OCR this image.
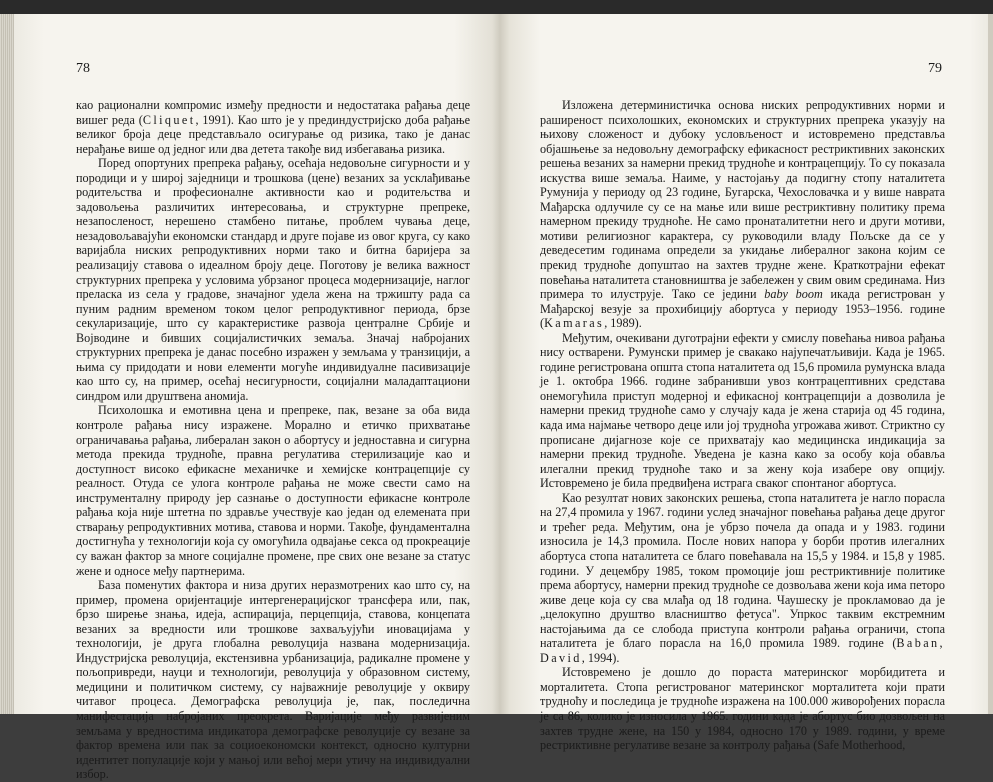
78

као рационални компромис између предности и недостатака рађања деце вишег реда (Cliquet, 1991). Као што је у прединдустријско доба рађање великог броја деце представљало осигурање од ризика, тако је данас нерађање више од једног или два детета такође вид избегавања ризика.

Поред опортуних препрека рађању, осећаја недовољне сигурности и у породици и у широј заједници и трошкова (цене) везаних за усклађивање родитељства и професионалне активности као и родитељства и задовољења различитих интересовања, и структурне препреке, незапосленост, нерешено стамбено питање, проблем чувања деце, незадовољавајући економски стандард и друге појаве из овог круга, су како варијабла ниских репродуктивних норми тако и битна баријера за реализацију ставова о идеалном броју деце. Поготову је велика важност структурних препрека у условима убрзаног процеса модернизације, наглог преласка из села у градове, значајног удела жена на тржишту рада са пуним радним временом током целог репродуктивног периода, брзе секуларизације, што су карактеристике развоја централне Србије и Војводине и бивших социјалистичких земаља. Значај набројаних структурних препрека је данас посебно изражен у земљама у транзицији, а њима су придодати и нови елементи могуће индивидуалне пасивизације као што су, на пример, осећај несигурности, социјални маладаптациони синдром или друштвена аномија.

Психолошка и емотивна цена и препреке, пак, везане за оба вида контроле рађања нису изражене. Морално и етичко прихватање ограничавања рађања, либералан закон о абортусу и једноставна и сигурна метода прекида трудноће, правна регулатива стерилизације као и доступност високо ефикасне механичке и хемијске контрацепције су реалност. Отуда се улога контроле рађања не може свести само на инструменталну природу јер сазнање о доступности ефикасне контроле рађања која није штетна по здравље учествује као један од елемената при стварању репродуктивних мотива, ставова и норми. Такође, фундаментална достигнућа у технологији која су омогућила одвајање секса од прокреације су важан фактор за многе социјалне промене, пре свих оне везане за статус жене и односе међу партнерима.

База поменутих фактора и низа других неразмотрених као што су, на пример, промена оријентације интергенерацијског трансфера или, пак, брзо ширење знања, идеја, аспирација, перцепција, ставова, концепата везаних за вредности или трошкове захваљујући иновацијама у технологији, је друга глобална револуција названа модернизација. Индустријска револуција, екстензивна урбанизација, радикалне промене у пољопривреди, науци и технологији, револуција у образовном систему, медицини и политичком систему, су најважније револуције у оквиру читавог процеса. Демографска револуција је, пак, последична манифестација набројаних преокрета. Варијације међу развијеним земљама у вредностима индикатора демографске револуције су везане за фактор времена или пак за социоекономски контекст, односно културни идентитет популације који у мањој или већој мери утичу на индивидуални избор.

79

Изложена детерминистичка основа ниских репродуктивних норми и раширеност психолошких, економских и структурних препрека указују на њихову сложеност и дубоку условљеност и истовремено представља објашњење за недовољну демографску ефикасност рестриктивних законских решења везаних за намерни прекид трудноће и контрацепцију. То су показала искуства више земаља. Наиме, у настојању да подигну стопу наталитета Румунија у периоду од 23 године, Бугарска, Чехословачка и у више наврата Мађарска одлучиле су се на мање или више рестриктивну политику према намерном прекиду трудноће. Не само пронаталитетни него и други мотиви, мотиви религиозног карактера, су руководили владу Пољске да се у деведесетим годинама определи за укидање либералног закона којим се прекид трудноће допуштао на захтев трудне жене. Краткотрајни ефекат повећања наталитета становништва је забележен у свим овим срединама. Низ примера то илуструје. Тако се једини baby boom икада регистрован у Мађарској везује за прохибицију абортуса у периоду 1953–1956. године (Kamaras, 1989).

Међутим, очекивани дуготрајни ефекти у смислу повећања нивоа рађања нису остварени. Румунски пример је свакако најупечатљивији. Када је 1965. године регистрована општа стопа наталитета од 15,6 промила румунска влада је 1. октобра 1966. године забранивши увоз контрацептивних средстава онемогућила приступ модерној и ефикасној контрацепцији а дозволила је намерни прекид трудноће само у случају када је жена старија од 45 година, када има најмање четворо деце или јој трудноћа угрожава живот. Стриктно су прописане дијагнозе које се прихватају као медицинска индикација за намерни прекид трудноће. Уведена је казна како за особу која обавља илегални прекид трудноће тако и за жену која изабере ову опцију. Истовремено је била предвиђена истрага сваког спонтаног абортуса.

Као резултат нових законских решења, стопа наталитета је нагло порасла на 27,4 промила у 1967. години услед значајног повећања рађања деце другог и трећег реда. Међутим, она је убрзо почела да опада и у 1983. години износила је 14,3 промила. После нових напора у борби против илегалних абортуса стопа наталитета се благо повећавала на 15,5 у 1984. и 15,8 у 1985. години. У децембру 1985, током промоције још рестриктивније политике према абортусу, намерни прекид трудноће се дозвољава жени која има петоро живе деце која су сва млађа од 18 година. Чаушеску је прокламовао да је „целокупно друштво власништво фетуса". Упркос таквим екстремним настојањима да се слобода приступа контроли рађања ограничи, стопа наталитета је благо порасла на 16,0 промила 1989. године (Baban, David, 1994).

Истовремено је дошло до пораста материнског морбидитета и морталитета. Стопа регистрованог материнског морталитета који прати трудноћу и последица је трудноће изражена на 100.000 живорођених порасла је са 86, колико је износила у 1965. години када је абортус био дозвољен на захтев трудне жене, на 150 у 1984, односно 170 у 1989. години, у време рестриктивне регулативе везане за контролу рађања (Safe Motherhood,
